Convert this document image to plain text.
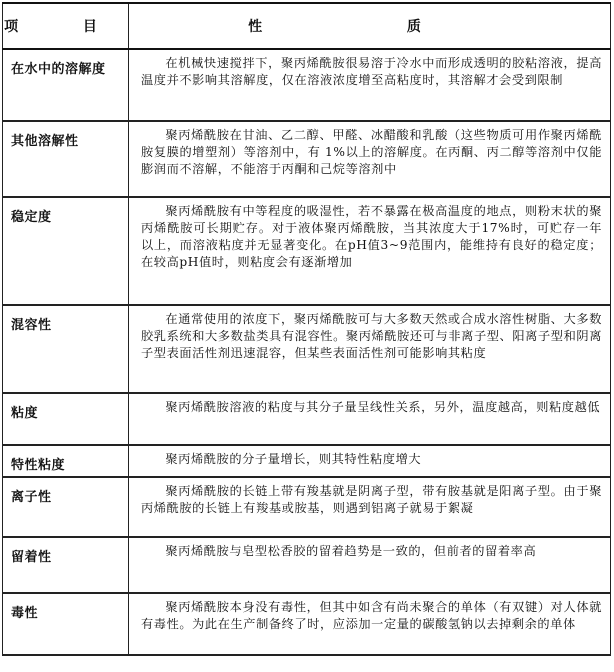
项 目	性 质
在水中的溶解度	在机械快速搅拌下，聚丙烯酰胺很易溶于冷水中而形成透明的胶粘溶液，提高温度并不影响其溶解度，仅在溶液浓度增至高粘度时，其溶解才会受到限制

其他溶解性	聚丙烯酰胺在甘油、乙二醇、甲醛、冰醋酸和乳酸（这些物质可用作聚丙烯酰胺复膜的增塑剂）等溶剂中，有 1%以上的溶解度。在丙酮、丙二醇等溶剂中仅能膨润而不溶解，不能溶于丙酮和己烷等溶剂中

稳定度	聚丙烯酰胺有中等程度的吸湿性，若不暴露在极高温度的地点，则粉末状的聚丙烯酰胺可长期贮存。对于液体聚丙烯酰胺，当其浓度大于17%时，可贮存一年以上，而溶液粘度并无显著变化。在pH值3~9范围内，能维持有良好的稳定度；在较高pH值时，则粘度会有逐渐增加

混容性	在通常使用的浓度下，聚丙烯酰胺可与大多数天然或合成水溶性树脂、大多数胶乳系统和大多数盐类具有混容性。聚丙烯酰胺还可与非离子型、阳离子型和阴离子型表面活性剂迅速混容，但某些表面活性剂可能影响其粘度

粘度	聚丙烯酰胺溶液的粘度与其分子量呈线性关系，另外，温度越高，则粘度越低

特性粘度	聚丙烯酰胺的分子量增长，则其特性粘度增大

离子性	聚丙烯酰胺的长链上带有羧基就是阴离子型，带有胺基就是阳离子型。由于聚丙烯酰胺的长链上有羧基或胺基，则遇到铝离子就易于絮凝

留着性	聚丙烯酰胺与皂型松香胶的留着趋势是一致的，但前者的留着率高

毒性	聚丙烯酰胺本身没有毒性，但其中如含有尚未聚合的单体（有双键）对人体就有毒性。为此在生产制备终了时，应添加一定量的碳酸氢钠以去掉剩余的单体
